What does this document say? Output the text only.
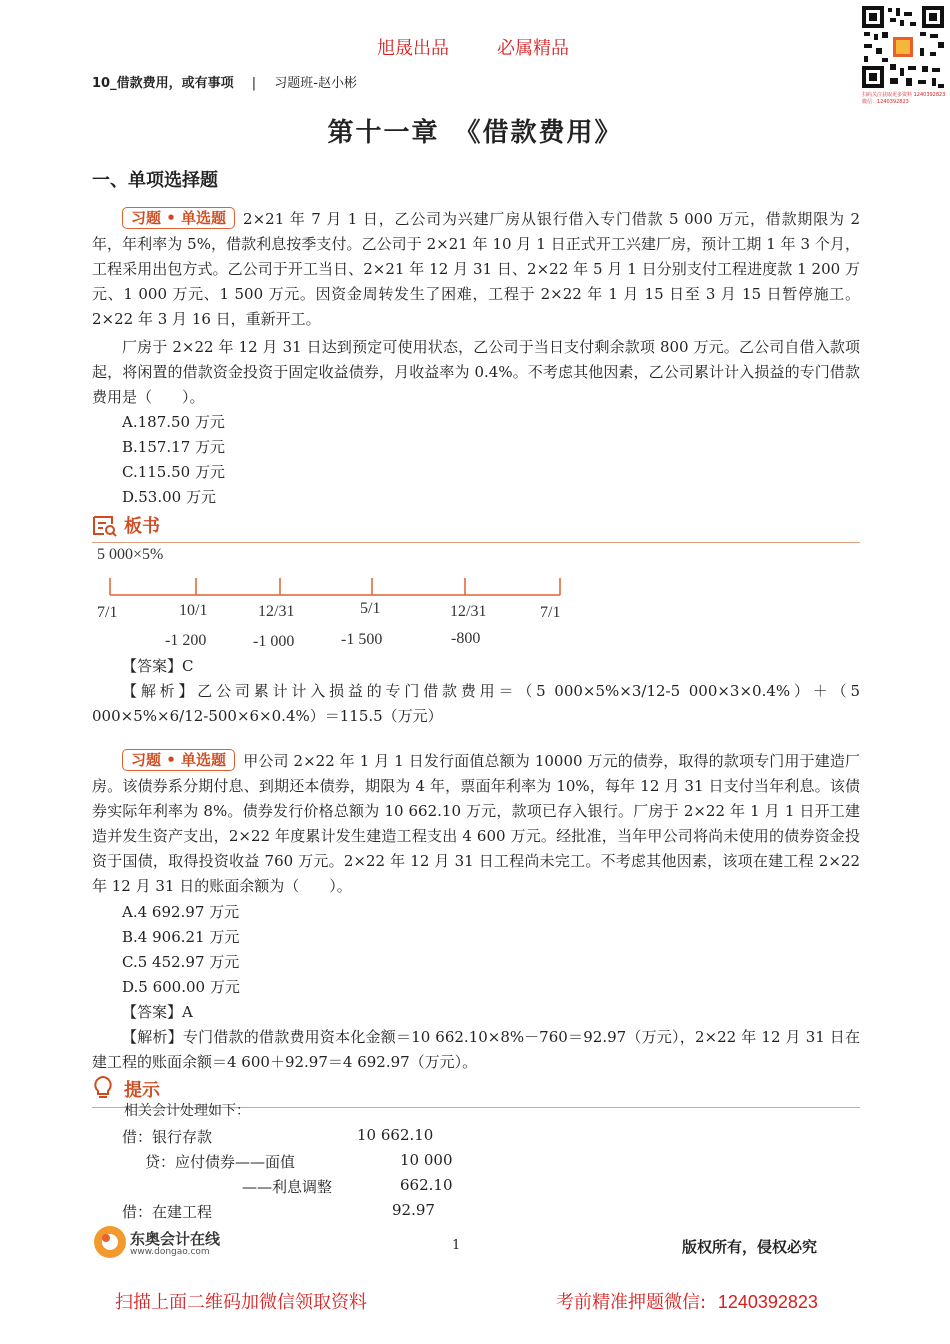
旭晟出品	必属精品
扫码关注获取更多资料 1240392823 微信：1240392823
10_借款费用，或有事项 | 习题班-赵小彬
第十一章　《借款费用》
一、单项选择题
习题 • 单选题 2×21 年 7 月 1 日，乙公司为兴建厂房从银行借入专门借款 5 000 万元，借款期限为 2 年，年利率为 5%，借款利息按季支付。乙公司于 2×21 年 10 月 1 日正式开工兴建厂房，预计工期 1 年 3 个月，工程采用出包方式。乙公司于开工当日、2×21 年 12 月 31 日、2×22 年 5 月 1 日分别支付工程进度款 1 200 万元、1 000 万元、1 500 万元。因资金周转发生了困难，工程于 2×22 年 1 月 15 日至 3 月 15 日暂停施工。2×22 年 3 月 16 日，重新开工。
厂房于 2×22 年 12 月 31 日达到预定可使用状态，乙公司于当日支付剩余款项 800 万元。乙公司自借入款项起，将闲置的借款资金投资于固定收益债券，月收益率为 0.4%。不考虑其他因素，乙公司累计计入损益的专门借款费用是（　　）。
A.187.50 万元
B.157.17 万元
C.115.50 万元
D.53.00 万元
板书
5 000×5%
7/1	10/1	12/31	5/1	12/31	7/1
-1 200	-1 000	-1 500	-800
【答案】C
【解析】乙公司累计计入损益的专门借款费用＝（5 000×5%×3/12-5 000×3×0.4%）＋（5 000×5%×6/12-500×6×0.4%）＝115.5（万元）
习题 • 单选题 甲公司 2×22 年 1 月 1 日发行面值总额为 10000 万元的债券，取得的款项专门用于建造厂房。该债券系分期付息、到期还本债券，期限为 4 年，票面年利率为 10%，每年 12 月 31 日支付当年利息。该债券实际年利率为 8%。债券发行价格总额为 10 662.10 万元，款项已存入银行。厂房于 2×22 年 1 月 1 日开工建造并发生资产支出，2×22 年度累计发生建造工程支出 4 600 万元。经批准，当年甲公司将尚未使用的债券资金投资于国债，取得投资收益 760 万元。2×22 年 12 月 31 日工程尚未完工。不考虑其他因素，该项在建工程 2×22 年 12 月 31 日的账面余额为（　　）。
A.4 692.97 万元
B.4 906.21 万元
C.5 452.97 万元
D.5 600.00 万元
【答案】A
【解析】专门借款的借款费用资本化金额＝10 662.10×8%－760＝92.97（万元），2×22 年 12 月 31 日在建工程的账面余额＝4 600＋92.97＝4 692.97（万元）。
提示
相关会计处理如下：
借：银行存款	10 662.10
贷：应付债券——面值	10 000
——利息调整	662.10
借：在建工程	92.97
东奥会计在线
www.dongao.com	1	版权所有，侵权必究
扫描上面二维码加微信领取资料	考前精准押题微信: 1240392823
